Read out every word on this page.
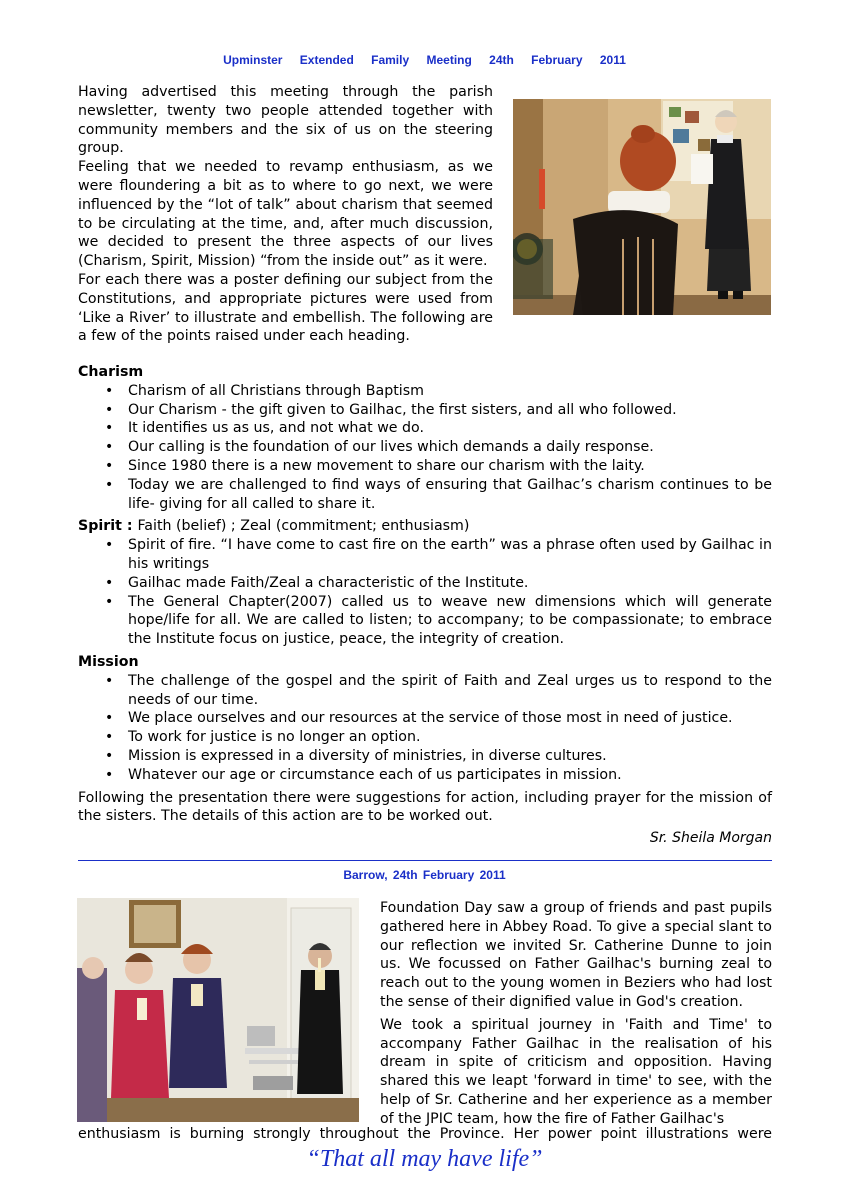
Upminster Extended Family Meeting 24th February 2011

Having advertised this meeting through the parish newsletter, twenty two people attended together with community members and the six of us on the steering group.

Feeling that we needed to revamp enthusiasm, as we were floundering a bit as to where to go next, we were influenced by the “lot of talk” about charism that seemed to be circulating at the time, and, after much discussion, we decided to present the three aspects of our lives (Charism, Spirit, Mission) “from the inside out” as it were.

For each there was a poster defining our subject from the Constitutions, and appropriate pictures were used from ‘Like a River’ to illustrate and embellish. The following are a few of the points raised under each heading.

Charism
• Charism of all Christians through Baptism
• Our Charism - the gift given to Gailhac, the first sisters, and all who followed.
• It identifies us as us, and not what we do.
• Our calling is the foundation of our lives which demands a daily response.
• Since 1980 there is a new movement to share our charism with the laity.
• Today we are challenged to find ways of ensuring that Gailhac’s charism continues to be life- giving for all called to share it.
Spirit : Faith (belief) ; Zeal (commitment; enthusiasm)
• Spirit of fire. “I have come to cast fire on the earth” was a phrase often used by Gailhac in his writings
• Gailhac made Faith/Zeal a characteristic of the Institute.
• The General Chapter(2007) called us to weave new dimensions which will generate hope/life for all. We are called to listen; to accompany; to be compassionate; to embrace the Institute focus on justice, peace, the integrity of creation.
Mission
• The challenge of the gospel and the spirit of Faith and Zeal urges us to respond to the needs of our time.
• We place ourselves and our resources at the service of those most in need of justice.
• To work for justice is no longer an option.
• Mission is expressed in a diversity of ministries, in diverse cultures.
• Whatever our age or circumstance each of us participates in mission.

Following the presentation there were suggestions for action, including prayer for the mission of the sisters. The details of this action are to be worked out.

Sr. Sheila Morgan
Barrow, 24th February 2011

Foundation Day saw a group of friends and past pupils gathered here in Abbey Road. To give a special slant to our reflection we invited Sr. Catherine Dunne to join us. We focussed on Father Gailhac's burning zeal to reach out to the young women in Beziers who had lost the sense of their dignified value in God's creation.

We took a spiritual journey in 'Faith and Time' to accompany Father Gailhac in the realisation of his dream in spite of criticism and opposition. Having shared this we leapt 'forward in time' to see, with the help of Sr. Catherine and her experience as a member of the JPIC team, how the fire of Father Gailhac's

enthusiasm is burning strongly throughout the Province. Her power point illustrations were
“That all may have life”
